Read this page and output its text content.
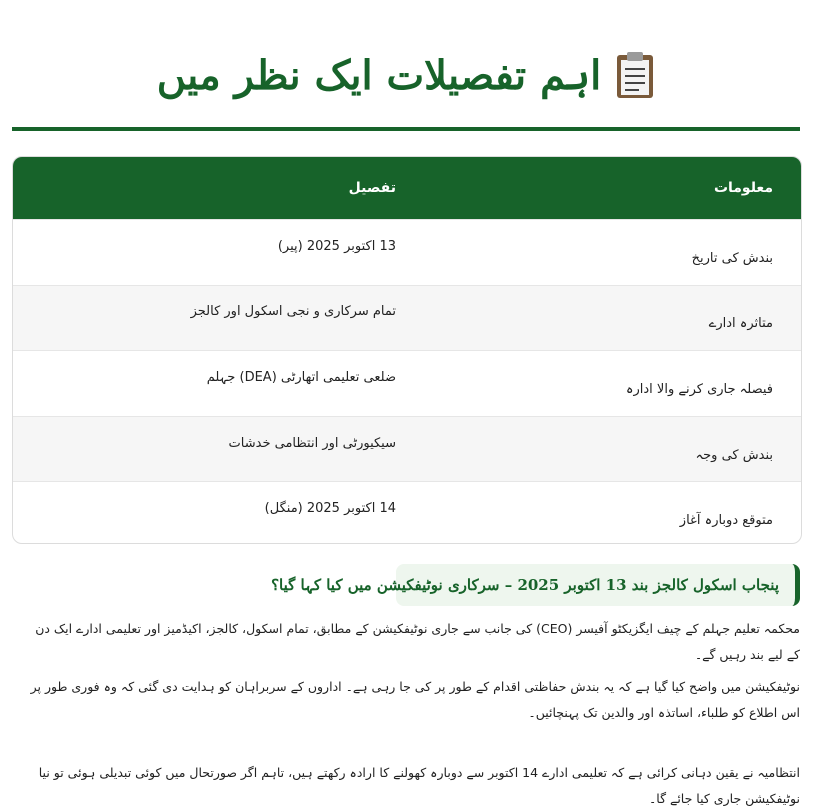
اہم تفصیلات ایک نظر میں
معلومات
تفصیل
بندش کی تاریخ
13 اکتوبر 2025 (پیر)
متاثرہ ادارے
تمام سرکاری و نجی اسکول اور کالجز
فیصلہ جاری کرنے والا ادارہ
ضلعی تعلیمی اتھارٹی (DEA) جہلم
بندش کی وجہ
سیکیورٹی اور انتظامی خدشات
متوقع دوبارہ آغاز
14 اکتوبر 2025 (منگل)
پنجاب اسکول کالجز بند 13 اکتوبر 2025 – سرکاری نوٹیفکیشن میں کیا کہا گیا؟

محکمہ تعلیم جہلم کے چیف ایگزیکٹو آفیسر (CEO) کی جانب سے جاری نوٹیفکیشن کے مطابق، تمام اسکول، کالجز، اکیڈمیز اور تعلیمی ادارے ایک دن کے لیے بند رہیں گے۔

نوٹیفکیشن میں واضح کیا گیا ہے کہ یہ بندش حفاظتی اقدام کے طور پر کی جا رہی ہے۔ اداروں کے سربراہان کو ہدایت دی گئی کہ وہ فوری طور پر اس اطلاع کو طلباء، اساتذہ اور والدین تک پہنچائیں۔

انتظامیہ نے یقین دہانی کرائی ہے کہ تعلیمی ادارے 14 اکتوبر سے دوبارہ کھولنے کا ارادہ رکھتے ہیں، تاہم اگر صورتحال میں کوئی تبدیلی ہوئی تو نیا نوٹیفکیشن جاری کیا جائے گا۔
